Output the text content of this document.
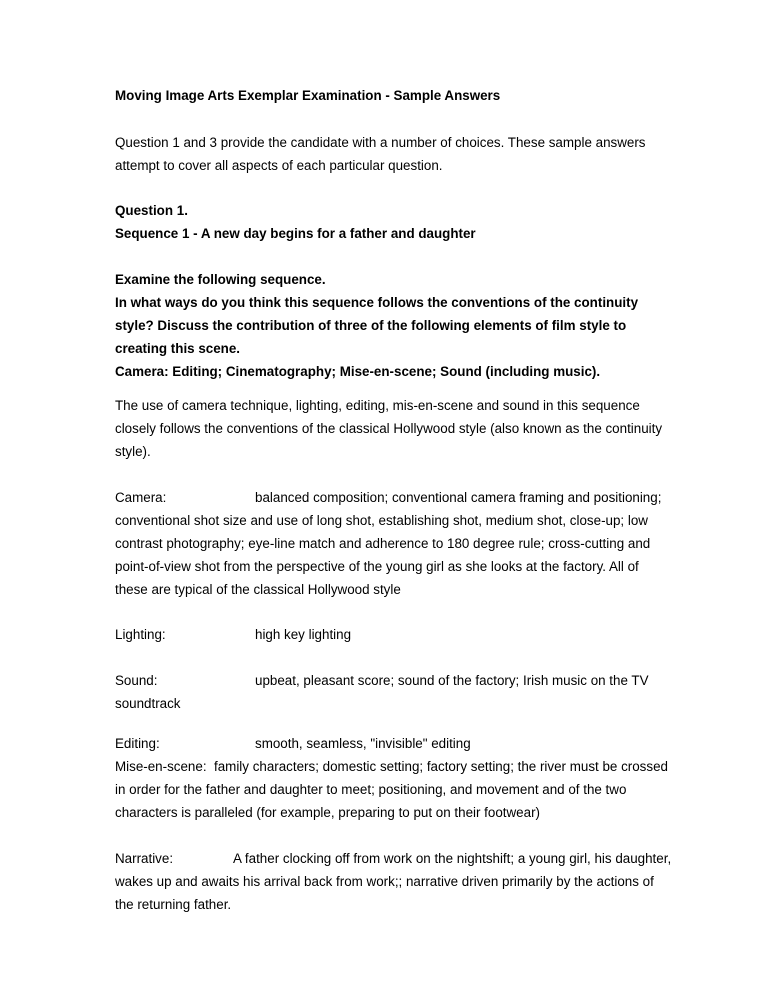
Moving Image Arts Exemplar Examination - Sample Answers

Question 1 and 3 provide the candidate with a number of choices. These sample answers attempt to cover all aspects of each particular question.

Question 1.

Sequence 1 - A new day begins for a father and daughter

Examine the following sequence.

In what ways do you think this sequence follows the conventions of the continuity style? Discuss the contribution of three of the following elements of film style to creating this scene.

Camera: Editing; Cinematography; Mise-en-scene; Sound (including music).

The use of camera technique, lighting, editing, mis-en-scene and sound in this sequence closely follows the conventions of the classical Hollywood style (also known as the continuity style).

Camera:	balanced composition; conventional camera framing and positioning; conventional shot size and use of long shot, establishing shot, medium shot, close-up; low contrast photography; eye-line match and adherence to 180 degree rule; cross-cutting and point-of-view shot from the perspective of the young girl as she looks at the factory. All of these are typical of the classical Hollywood style

Lighting:	high key lighting

Sound:	upbeat, pleasant score; sound of the factory; Irish music on the TV soundtrack

Editing:	smooth, seamless, "invisible" editing

Mise-en-scene: family characters; domestic setting; factory setting; the river must be crossed in order for the father and daughter to meet; positioning, and movement and of the two characters is paralleled (for example, preparing to put on their footwear)

Narrative:	A father clocking off from work on the nightshift; a young girl, his daughter, wakes up and awaits his arrival back from work;; narrative driven primarily by the actions of the returning father.
